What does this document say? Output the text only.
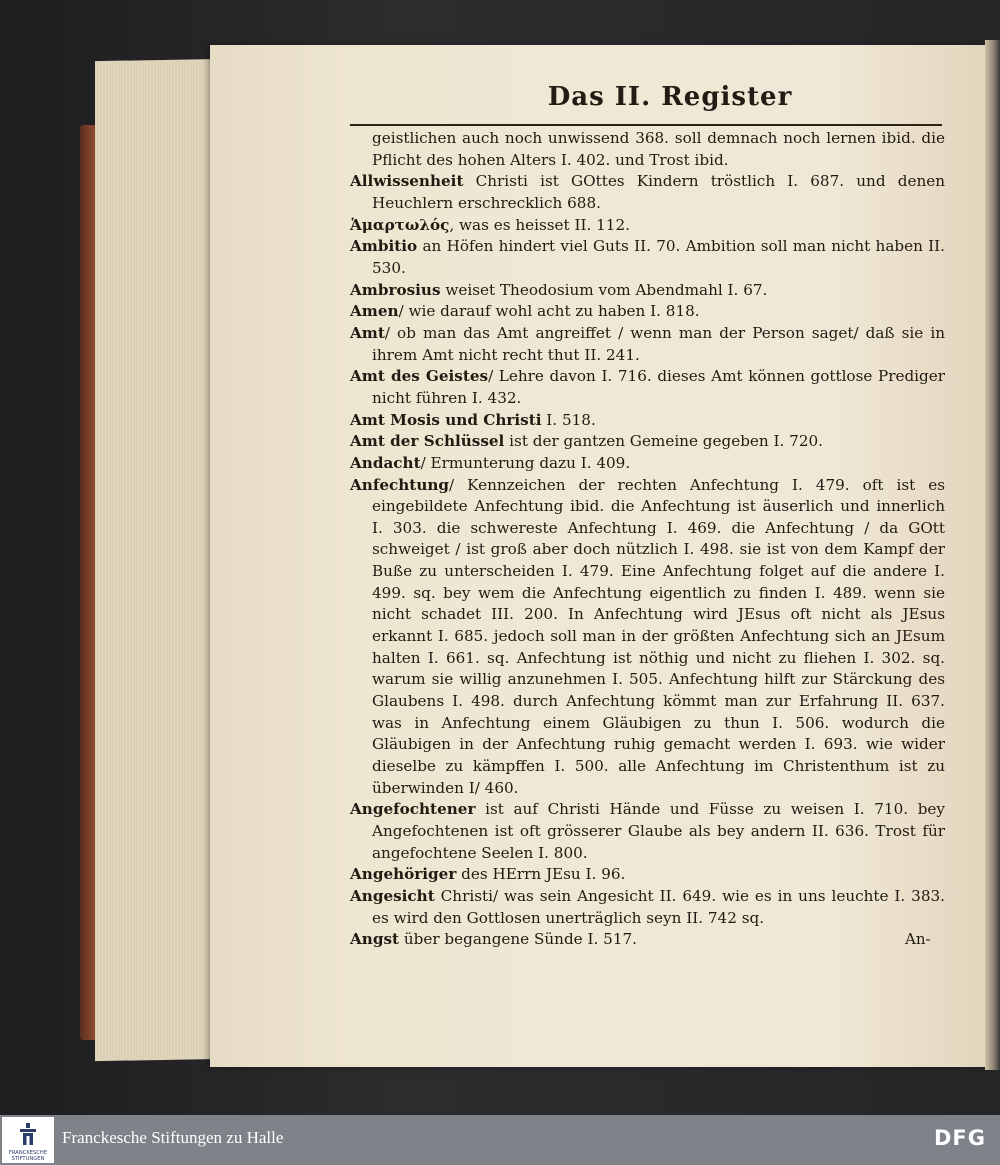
Das II. Register

geistlichen auch noch unwissend 368. soll demnach noch lernen ibid. die Pflicht des hohen Alters I. 402. und Trost ibid.

Allwissenheit Christi ist GOttes Kindern tröstlich I. 687. und denen Heuchlern erschrecklich 688.

Ἁμαρτωλός, was es heisset II. 112.

Ambitio an Höfen hindert viel Guts II. 70. Ambition soll man nicht haben II. 530.

Ambrosius weiset Theodosium vom Abendmahl I. 67.

Amen/ wie darauf wohl acht zu haben I. 818.

Amt/ ob man das Amt angreiffet / wenn man der Person saget/ daß sie in ihrem Amt nicht recht thut II. 241.

Amt des Geistes/ Lehre davon I. 716. dieses Amt können gottlose Prediger nicht führen I. 432.

Amt Mosis und Christi I. 518.

Amt der Schlüssel ist der gantzen Gemeine gegeben I. 720.

Andacht/ Ermunterung dazu I. 409.

Anfechtung/ Kennzeichen der rechten Anfechtung I. 479. oft ist es eingebildete Anfechtung ibid. die Anfechtung ist äuserlich und innerlich I. 303. die schwereste Anfechtung I. 469. die Anfechtung / da GOtt schweiget / ist groß aber doch nützlich I. 498. sie ist von dem Kampf der Buße zu unterscheiden I. 479. Eine Anfechtung folget auf die andere I. 499. sq. bey wem die Anfechtung eigentlich zu finden I. 489. wenn sie nicht schadet III. 200. In Anfechtung wird JEsus oft nicht als JEsus erkannt I. 685. jedoch soll man in der größten Anfechtung sich an JEsum halten I. 661. sq. Anfechtung ist nöthig und nicht zu fliehen I. 302. sq. warum sie willig anzunehmen I. 505. Anfechtung hilft zur Stärckung des Glaubens I. 498. durch Anfechtung kömmt man zur Erfahrung II. 637. was in Anfechtung einem Gläubigen zu thun I. 506. wodurch die Gläubigen in der Anfechtung ruhig gemacht werden I. 693. wie wider dieselbe zu kämpffen I. 500. alle Anfechtung im Christenthum ist zu überwinden I/ 460.

Angefochtener ist auf Christi Hände und Füsse zu weisen I. 710. bey Angefochtenen ist oft grösserer Glaube als bey andern II. 636. Trost für angefochtene Seelen I. 800.

Angehöriger des HErrn JEsu I. 96.

Angesicht Christi/ was sein Angesicht II. 649. wie es in uns leuchte I. 383. es wird den Gottlosen unerträglich seyn II. 742 sq.

Angst über begangene Sünde I. 517.	An-
FRANCKESCHE STIFTUNGEN
Franckesche Stiftungen zu Halle	DFG
